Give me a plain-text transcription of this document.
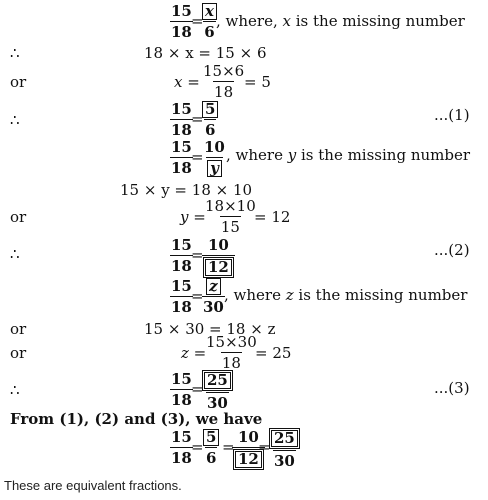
$\frac{15}{18}$
=
$\frac{x}{6}$
, where, x is the missing number
∴	18 × x = 15 × 6
or	$x = \frac{15\times 6}{18}$
= 5
∴	$\frac{15}{18}$
=
$\frac{5}{6}$	...(1)
$\frac{15}{18}$
= $\frac{10}{y}$ , where y is the missing number
15 × y = 18 × 10
or	y =
$\frac{18\times 10}{15}$
= 12
∴	$\frac{15}{18}$
=
$\frac{10}{12}$	...(2)
$\frac{15}{18}$
=
$\frac{z}{30}$ , where z is the missing number
or	15 × 30 = 18 × z
or	z =
$\frac{15\times 30}{18}$
= 25
∴	$\frac{15}{18}$
=
$\frac{25}{30}$	...(3)
From (1), (2) and (3), we have
$\frac{15}{18}$
=
$\frac{5}{6}$ =
$\frac{10}{12}$
=
$\frac{25}{30}$
These are equivalent fractions.
